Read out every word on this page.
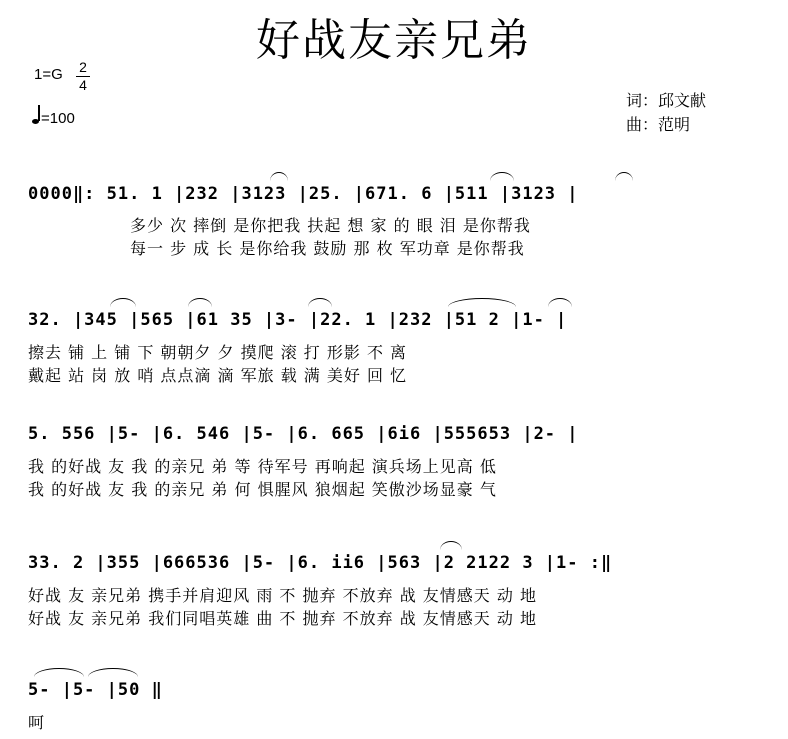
好战友亲兄弟
1=G 2
4
=100
词：邱文献
曲：范明
0000‖: 51. 1 |232 |3123 |25. |671. 6 |511 |3123 |
多少 次 摔倒 是你把我 扶起 想 家 的 眼 泪 是你帮我
每一 步 成 长 是你给我 鼓励 那 枚 军功章 是你帮我
32. |345 |565 |61 35 |3- |22. 1 |232 |51 2 |1- |
擦去 铺 上 铺 下 朝朝夕 夕 摸爬 滚 打 形影 不 离
戴起 站 岗 放 哨 点点滴 滴 军旅 载 满 美好 回 忆
5. 556 |5- |6. 546 |5- |6. 665 |6i6 |555653 |2- |
我 的好战 友 我 的亲兄 弟 等 待军号 再响起 演兵场上见高 低
我 的好战 友 我 的亲兄 弟 何 惧腥风 狼烟起 笑傲沙场显豪 气
33. 2 |355 |666536 |5- |6. ii6 |563 |2 2122 3 |1- :‖
好战 友 亲兄弟 携手并肩迎风 雨 不 抛弃 不放弃 战 友情感天 动 地
好战 友 亲兄弟 我们同唱英雄 曲 不 抛弃 不放弃 战 友情感天 动 地
5- |5- |50 ‖
呵
